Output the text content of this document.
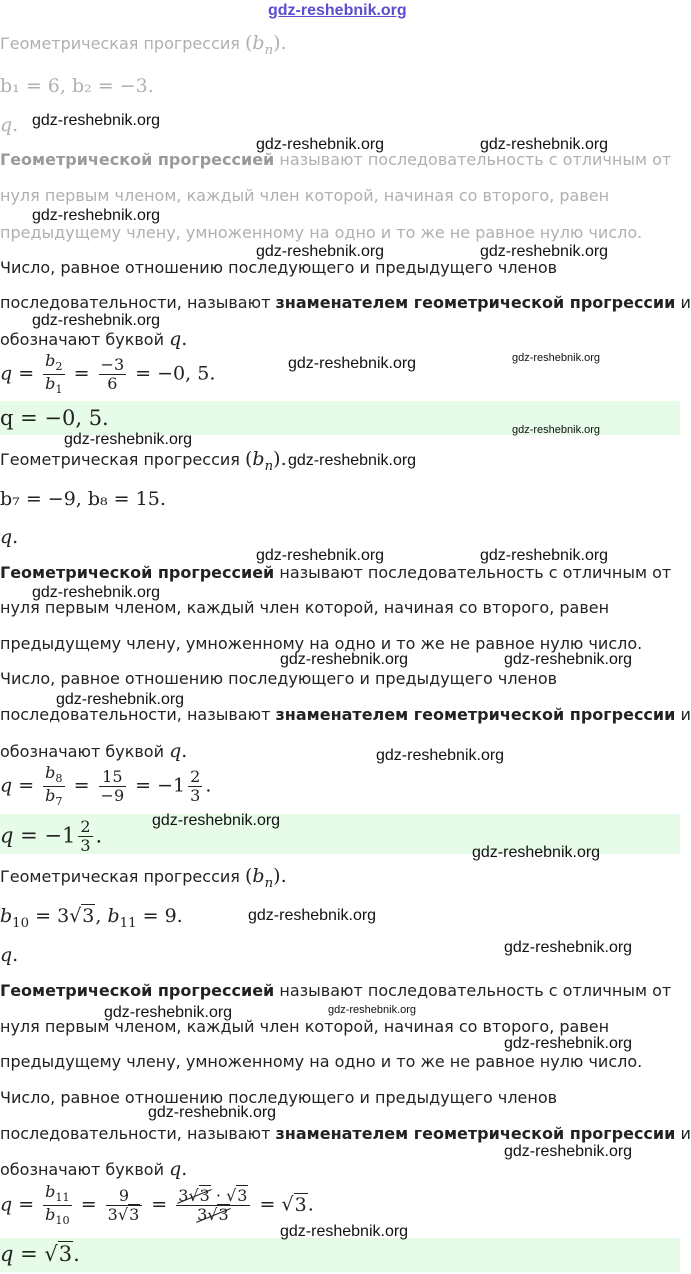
gdz-reshebnik.org
Геометрическая прогрессия $(b_n)$.
b₁ = 6, b₂ = −3.
q.
Геометрической прогрессией называют последовательность с отличным от
нуля первым членом, каждый член которой, начиная со второго, равен
предыдущему члену, умноженному на одно и то же не равное нулю число.
Число, равное отношению последующего и предыдущего членов
последовательности, называют знаменателем геометрической прогрессии и
обозначают буквой q.
$q = \frac{b_2}{b_1} = \frac{-3}{6} = -0$, 5.
q = −0, 5.
Геометрическая прогрессия $(b_n)$.
b₇ = −9, b₈ = 15.
q.
Геометрической прогрессией называют последовательность с отличным от
нуля первым членом, каждый член которой, начиная со второго, равен
предыдущему члену, умноженному на одно и то же не равное нулю число.
Число, равное отношению последующего и предыдущего членов
последовательности, называют знаменателем геометрической прогрессии и
обозначают буквой q.
$q = \frac{b_8}{b_7} = \frac{15}{-9} = -1 \frac{2}{3}$ .
$q = -1 \frac{2}{3}$ .
Геометрическая прогрессия $(b_n)$.
$b_{10} = 3√3$, $b_{11} = 9$.
q.
Геометрической прогрессией называют последовательность с отличным от
нуля первым членом, каждый член которой, начиная со второго, равен
предыдущему члену, умноженному на одно и то же не равное нулю число.
Число, равное отношению последующего и предыдущего членов
последовательности, называют знаменателем геометрической прогрессии и
обозначают буквой q.
$q = \frac{b_{11}}{b_{10}} = \frac{9}{3√3} = \frac{3√3 \cdot √3}{3√3} = √3$.
q = √3.
gdz-reshebnik.org
gdz-reshebnik.org	gdz-reshebnik.org
gdz-reshebnik.org
gdz-reshebnik.org	gdz-reshebnik.org
gdz-reshebnik.org
gdz-reshebnik.org	gdz-reshebnik.org
gdz-reshebnik.org
gdz-reshebnik.org
gdz-reshebnik.org
gdz-reshebnik.org	gdz-reshebnik.org
gdz-reshebnik.org
gdz-reshebnik.org	gdz-reshebnik.org
gdz-reshebnik.org
gdz-reshebnik.org
gdz-reshebnik.org
gdz-reshebnik.org
gdz-reshebnik.org
gdz-reshebnik.org
gdz-reshebnik.org	gdz-reshebnik.org
gdz-reshebnik.org
gdz-reshebnik.org
gdz-reshebnik.org
gdz-reshebnik.org
